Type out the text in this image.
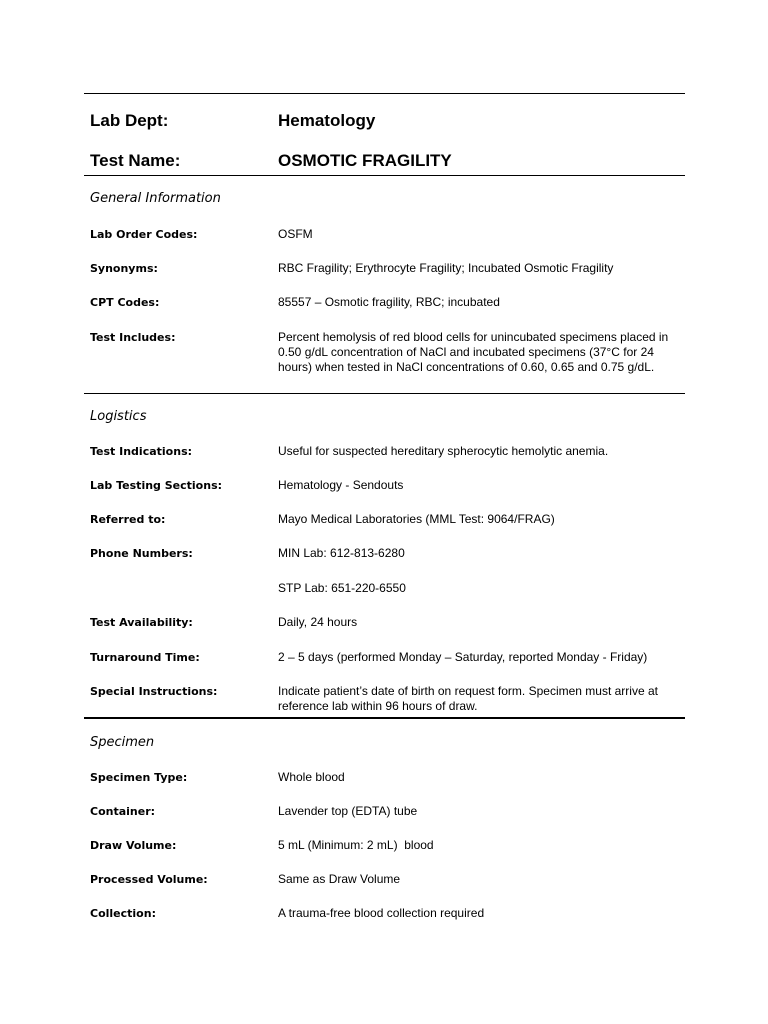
Lab Dept:	Hematology
Test Name:	OSMOTIC FRAGILITY
General Information
Lab Order Codes:	OSFM
Synonyms:	RBC Fragility; Erythrocyte Fragility; Incubated Osmotic Fragility
CPT Codes:	85557 – Osmotic fragility, RBC; incubated
Test Includes:	Percent hemolysis of red blood cells for unincubated specimens placed in 0.50 g/dL concentration of NaCl and incubated specimens (37°C for 24 hours) when tested in NaCl concentrations of 0.60, 0.65 and 0.75 g/dL.
Logistics
Test Indications:	Useful for suspected hereditary spherocytic hemolytic anemia.
Lab Testing Sections:	Hematology - Sendouts
Referred to:	Mayo Medical Laboratories (MML Test: 9064/FRAG)
Phone Numbers:	MIN Lab: 612-813-6280
STP Lab: 651-220-6550
Test Availability:	Daily, 24 hours
Turnaround Time:	2 – 5 days (performed Monday – Saturday, reported Monday - Friday)
Special Instructions:	Indicate patient’s date of birth on request form. Specimen must arrive at reference lab within 96 hours of draw.
Specimen
Specimen Type:	Whole blood
Container:	Lavender top (EDTA) tube
Draw Volume:	5 mL (Minimum: 2 mL)  blood
Processed Volume:	Same as Draw Volume
Collection:	A trauma-free blood collection required
